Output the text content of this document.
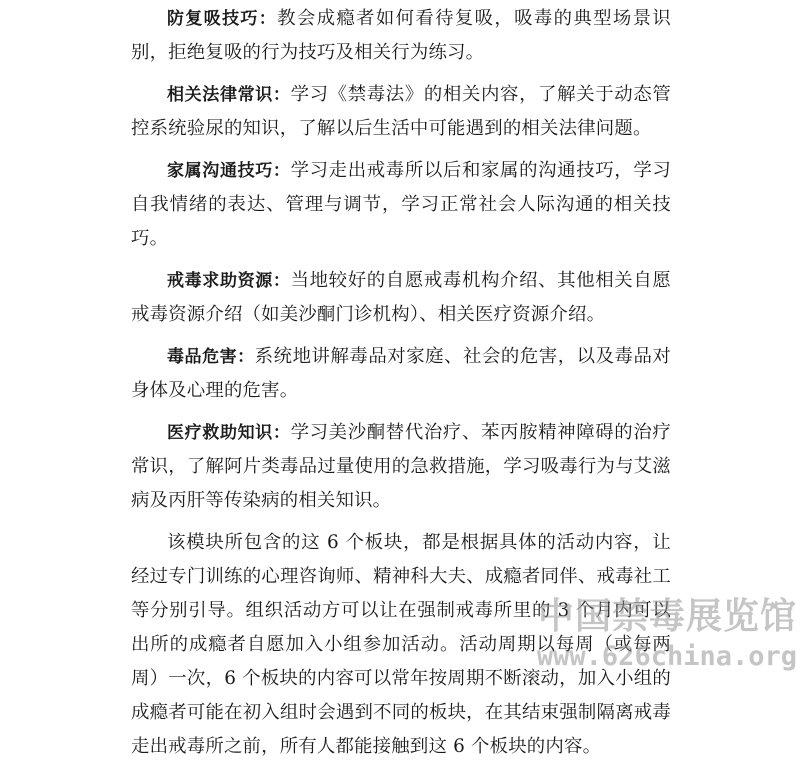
防复吸技巧：教会成瘾者如何看待复吸，吸毒的典型场景识别，拒绝复吸的行为技巧及相关行为练习。

相关法律常识：学习《禁毒法》的相关内容，了解关于动态管控系统验尿的知识，了解以后生活中可能遇到的相关法律问题。

家属沟通技巧：学习走出戒毒所以后和家属的沟通技巧，学习自我情绪的表达、管理与调节，学习正常社会人际沟通的相关技巧。

戒毒求助资源：当地较好的自愿戒毒机构介绍、其他相关自愿戒毒资源介绍（如美沙酮门诊机构）、相关医疗资源介绍。

毒品危害：系统地讲解毒品对家庭、社会的危害，以及毒品对身体及心理的危害。

医疗救助知识：学习美沙酮替代治疗、苯丙胺精神障碍的治疗常识，了解阿片类毒品过量使用的急救措施，学习吸毒行为与艾滋病及丙肝等传染病的相关知识。

该模块所包含的这 6 个板块，都是根据具体的活动内容，让经过专门训练的心理咨询师、精神科大夫、成瘾者同伴、戒毒社工等分别引导。组织活动方可以让在强制戒毒所里的 3 个月内可以出所的成瘾者自愿加入小组参加活动。活动周期以每周（或每两周）一次，6 个板块的内容可以常年按周期不断滚动，加入小组的成瘾者可能在初入组时会遇到不同的板块，在其结束强制隔离戒毒走出戒毒所之前，所有人都能接触到这 6 个板块的内容。

中国禁毒展览馆
www.626china.org
